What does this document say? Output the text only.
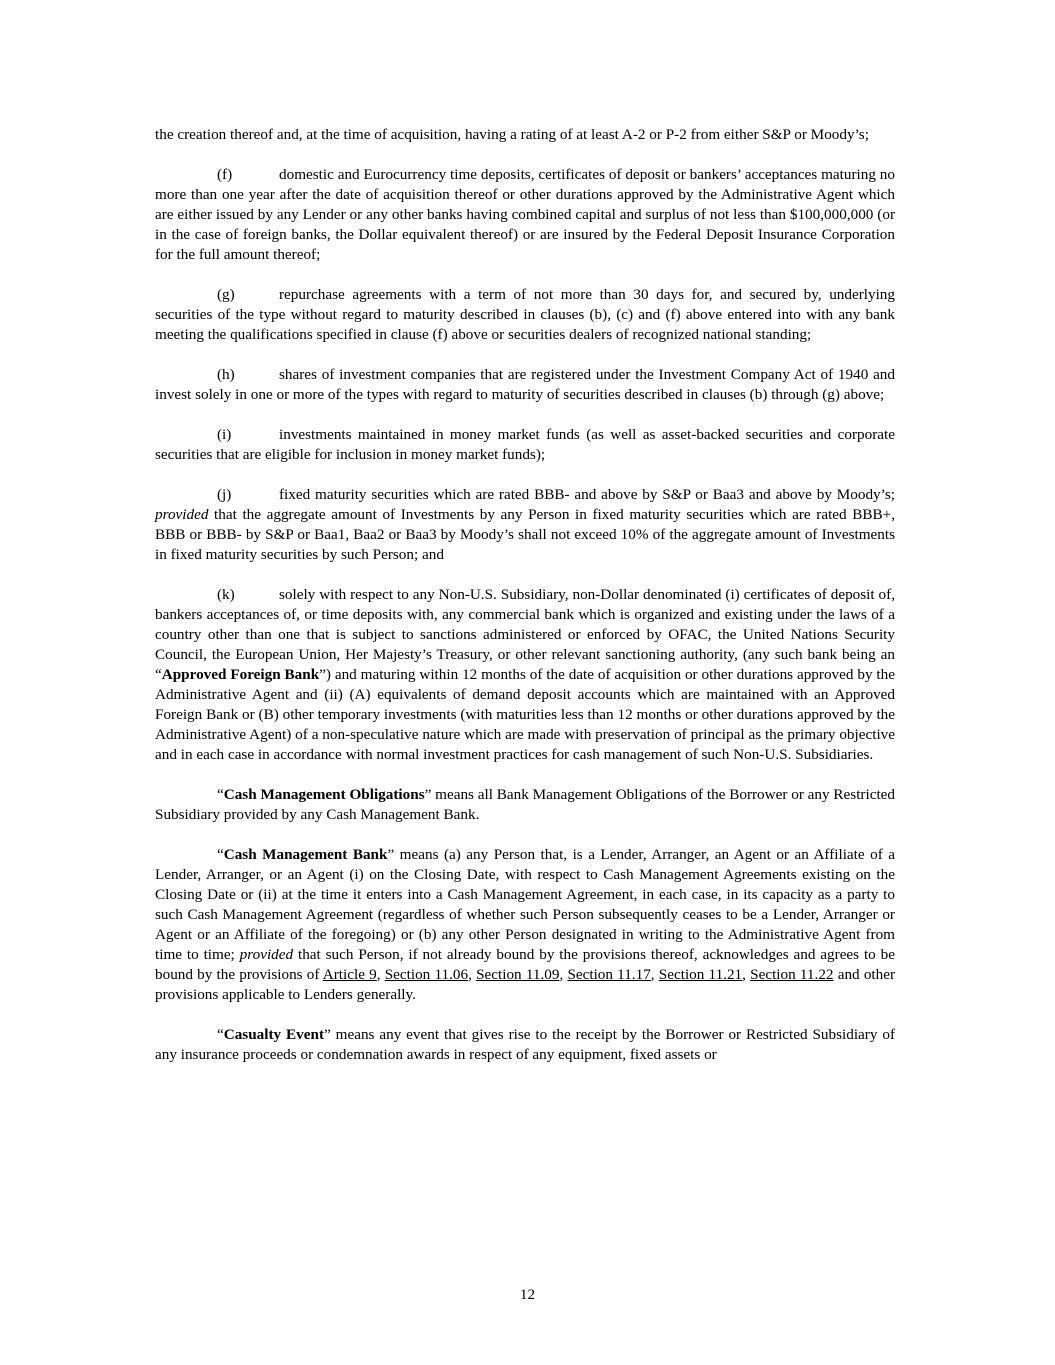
the creation thereof and, at the time of acquisition, having a rating of at least A-2 or P-2 from either S&P or Moody’s;

(f)	domestic and Eurocurrency time deposits, certificates of deposit or bankers’ acceptances maturing no more than one year after the date of acquisition thereof or other durations approved by the Administrative Agent which are either issued by any Lender or any other banks having combined capital and surplus of not less than $100,000,000 (or in the case of foreign banks, the Dollar equivalent thereof) or are insured by the Federal Deposit Insurance Corporation for the full amount thereof;

(g)	repurchase agreements with a term of not more than 30 days for, and secured by, underlying securities of the type without regard to maturity described in clauses (b), (c) and (f) above entered into with any bank meeting the qualifications specified in clause (f) above or securities dealers of recognized national standing;

(h)	shares of investment companies that are registered under the Investment Company Act of 1940 and invest solely in one or more of the types with regard to maturity of securities described in clauses (b) through (g) above;

(i)	investments maintained in money market funds (as well as asset-backed securities and corporate securities that are eligible for inclusion in money market funds);

(j)	fixed maturity securities which are rated BBB- and above by S&P or Baa3 and above by Moody’s; provided that the aggregate amount of Investments by any Person in fixed maturity securities which are rated BBB+, BBB or BBB- by S&P or Baa1, Baa2 or Baa3 by Moody’s shall not exceed 10% of the aggregate amount of Investments in fixed maturity securities by such Person; and

(k)	solely with respect to any Non-U.S. Subsidiary, non-Dollar denominated (i) certificates of deposit of, bankers acceptances of, or time deposits with, any commercial bank which is organized and existing under the laws of a country other than one that is subject to sanctions administered or enforced by OFAC, the United Nations Security Council, the European Union, Her Majesty’s Treasury, or other relevant sanctioning authority, (any such bank being an “Approved Foreign Bank”) and maturing within 12 months of the date of acquisition or other durations approved by the Administrative Agent and (ii) (A) equivalents of demand deposit accounts which are maintained with an Approved Foreign Bank or (B) other temporary investments (with maturities less than 12 months or other durations approved by the Administrative Agent) of a non-speculative nature which are made with preservation of principal as the primary objective and in each case in accordance with normal investment practices for cash management of such Non-U.S. Subsidiaries.

“Cash Management Obligations” means all Bank Management Obligations of the Borrower or any Restricted Subsidiary provided by any Cash Management Bank.

“Cash Management Bank” means (a) any Person that, is a Lender, Arranger, an Agent or an Affiliate of a Lender, Arranger, or an Agent (i) on the Closing Date, with respect to Cash Management Agreements existing on the Closing Date or (ii) at the time it enters into a Cash Management Agreement, in each case, in its capacity as a party to such Cash Management Agreement (regardless of whether such Person subsequently ceases to be a Lender, Arranger or Agent or an Affiliate of the foregoing) or (b) any other Person designated in writing to the Administrative Agent from time to time; provided that such Person, if not already bound by the provisions thereof, acknowledges and agrees to be bound by the provisions of Article 9, Section 11.06, Section 11.09, Section 11.17, Section 11.21, Section 11.22 and other provisions applicable to Lenders generally.

“Casualty Event” means any event that gives rise to the receipt by the Borrower or Restricted Subsidiary of any insurance proceeds or condemnation awards in respect of any equipment, fixed assets or

12
